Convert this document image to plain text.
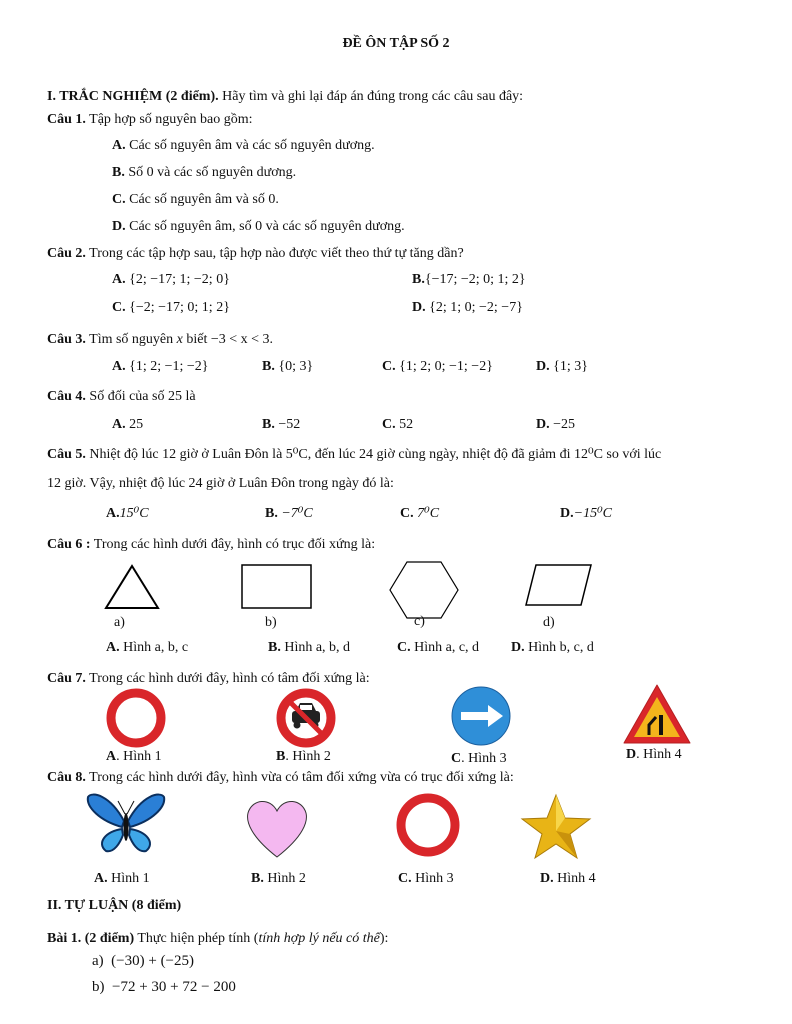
ĐỀ ÔN TẬP SỐ 2
I. TRẮC NGHIỆM (2 điểm). Hãy tìm và ghi lại đáp án đúng trong các câu sau đây:
Câu 1. Tập hợp số nguyên bao gồm:
A. Các số nguyên âm và các số nguyên dương.
B. Số 0 và các số nguyên dương.
C. Các số nguyên âm và số 0.
D. Các số nguyên âm, số 0 và các số nguyên dương.
Câu 2. Trong các tập hợp sau, tập hợp nào được viết theo thứ tự tăng dần?
A. {2; −17; 1; −2; 0}	B.{−17; −2; 0; 1; 2}
C. {−2; −17; 0; 1; 2}	D. {2; 1; 0; −2; −7}
Câu 3. Tìm số nguyên x biết −3 < x < 3.
A. {1; 2; −1; −2}	B. {0; 3}	C. {1; 2; 0; −1; −2}	D. {1; 3}
Câu 4. Số đối của số 25 là
A. 25	B. −52	C. 52	D. −25
Câu 5. Nhiệt độ lúc 12 giờ ở Luân Đôn là 5⁰C, đến lúc 24 giờ cùng ngày, nhiệt độ đã giảm đi 12⁰C so với lúc
12 giờ. Vậy, nhiệt độ lúc 24 giờ ở Luân Đôn trong ngày đó là:
A.15⁰C	B. −7⁰C	C. 7⁰C	D.−15⁰C
Câu 6 : Trong các hình dưới đây, hình có trục đối xứng là:
a)	b)	c)	d)
A. Hình a, b, c	B. Hình a, b, d	C. Hình a, c, d D. Hình b, c, d
Câu 7. Trong các hình dưới đây, hình có tâm đối xứng là:
A. Hình 1	B. Hình 2	C. Hình 3	D. Hình 4
Câu 8. Trong các hình dưới đây, hình vừa có tâm đối xứng vừa có trục đối xứng là:
A. Hình 1	B. Hình 2	C. Hình 3	D. Hình 4
II. TỰ LUẬN (8 điểm)
Bài 1. (2 điểm) Thực hiện phép tính (tính hợp lý nếu có thể):
a) (−30) + (−25)
b) −72 + 30 + 72 − 200
